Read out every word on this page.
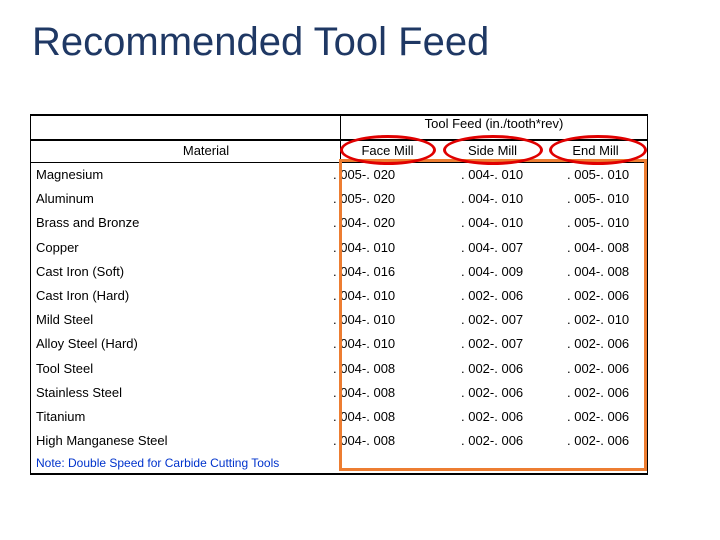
Recommended Tool Feed
Tool Feed (in./tooth*rev)
Material	Face Mill	Side Mill	End Mill
Magnesium	. 005-. 020	. 004-. 010	. 005-. 010
Aluminum	. 005-. 020	. 004-. 010	. 005-. 010
Brass and Bronze	. 004-. 020	. 004-. 010	. 005-. 010
Copper	. 004-. 010	. 004-. 007	. 004-. 008
Cast Iron (Soft)	. 004-. 016	. 004-. 009	. 004-. 008
Cast Iron (Hard)	. 004-. 010	. 002-. 006	. 002-. 006
Mild Steel	. 004-. 010	. 002-. 007	. 002-. 010
Alloy Steel (Hard)	. 004-. 010	. 002-. 007	. 002-. 006
Tool Steel	. 004-. 008	. 002-. 006	. 002-. 006
Stainless Steel	. 004-. 008	. 002-. 006	. 002-. 006
Titanium	. 004-. 008	. 002-. 006	. 002-. 006
High Manganese Steel	. 004-. 008	. 002-. 006	. 002-. 006
Note: Double Speed for Carbide Cutting Tools
